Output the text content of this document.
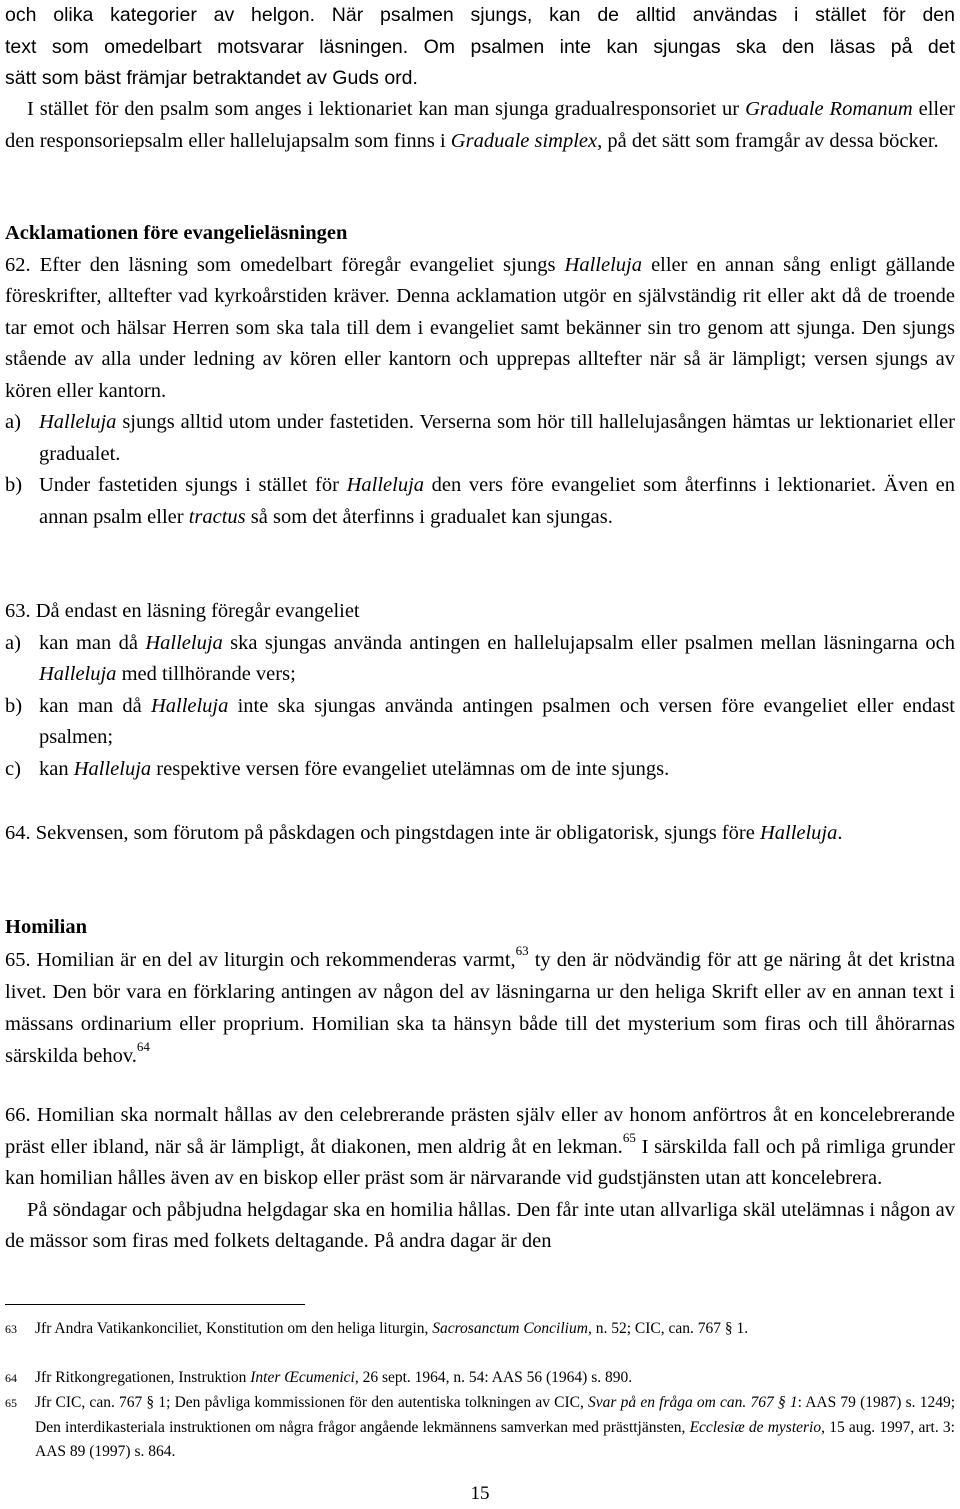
och olika kategorier av helgon. När psalmen sjungs, kan de alltid användas i stället för den
text som omedelbart motsvarar läsningen. Om psalmen inte kan sjungas ska den läsas på det
sätt som bäst främjar betraktandet av Guds ord.

I stället för den psalm som anges i lektionariet kan man sjunga gradualresponsoriet ur Graduale Romanum eller den responsoriepsalm eller hallelujapsalm som finns i Graduale simplex, på det sätt som framgår av dessa böcker.

Acklamationen före evangelieläsningen

62. Efter den läsning som omedelbart föregår evangeliet sjungs Halleluja eller en annan sång enligt gällande föreskrifter, alltefter vad kyrkoårstiden kräver. Denna acklamation utgör en självständig rit eller akt då de troende tar emot och hälsar Herren som ska tala till dem i evangeliet samt bekänner sin tro genom att sjunga. Den sjungs stående av alla under ledning av kören eller kantorn och upprepas alltefter när så är lämpligt; versen sjungs av kören eller kantorn.

a) Halleluja sjungs alltid utom under fastetiden. Verserna som hör till hallelujasången hämtas ur lektionariet eller gradualet.

b) Under fastetiden sjungs i stället för Halleluja den vers före evangeliet som återfinns i lektionariet. Även en annan psalm eller tractus så som det återfinns i gradualet kan sjungas.

63. Då endast en läsning föregår evangeliet

a) kan man då Halleluja ska sjungas använda antingen en hallelujapsalm eller psalmen mellan läsningarna och Halleluja med tillhörande vers;

b) kan man då Halleluja inte ska sjungas använda antingen psalmen och versen före evangeliet eller endast psalmen;

c) kan Halleluja respektive versen före evangeliet utelämnas om de inte sjungs.

64. Sekvensen, som förutom på påskdagen och pingstdagen inte är obligatorisk, sjungs före Halleluja.

Homilian

65. Homilian är en del av liturgin och rekommenderas varmt,$^{63}$ ty den är nödvändig för att ge näring åt det kristna livet. Den bör vara en förklaring antingen av någon del av läsningarna ur den heliga Skrift eller av en annan text i mässans ordinarium eller proprium. Homilian ska ta hänsyn både till det mysterium som firas och till åhörarnas särskilda behov.$^{64}$

66. Homilian ska normalt hållas av den celebrerande prästen själv eller av honom anförtros åt en koncelebrerande präst eller ibland, när så är lämpligt, åt diakonen, men aldrig åt en lekman.$^{65}$ I särskilda fall och på rimliga grunder kan homilian hålles även av en biskop eller präst som är närvarande vid gudstjänsten utan att koncelebrera.

På söndagar och påbjudna helgdagar ska en homilia hållas. Den får inte utan allvarliga skäl utelämnas i någon av de mässor som firas med folkets deltagande. På andra dagar är den

63	Jfr Andra Vatikankonciliet, Konstitution om den heliga liturgin, Sacrosanctum Concilium, n. 52; CIC, can. 767 § 1.
64	Jfr Ritkongregationen, Instruktion Inter Œcumenici, 26 sept. 1964, n. 54: AAS 56 (1964) s. 890.
65	Jfr CIC, can. 767 § 1; Den påvliga kommissionen för den autentiska tolkningen av CIC, Svar på en fråga om can. 767 § 1: AAS 79 (1987) s. 1249; Den interdikasteriala instruktionen om några frågor angående lekmännens samverkan med prästtjänsten, Ecclesiæ de mysterio, 15 aug. 1997, art. 3: AAS 89 (1997) s. 864.
15
